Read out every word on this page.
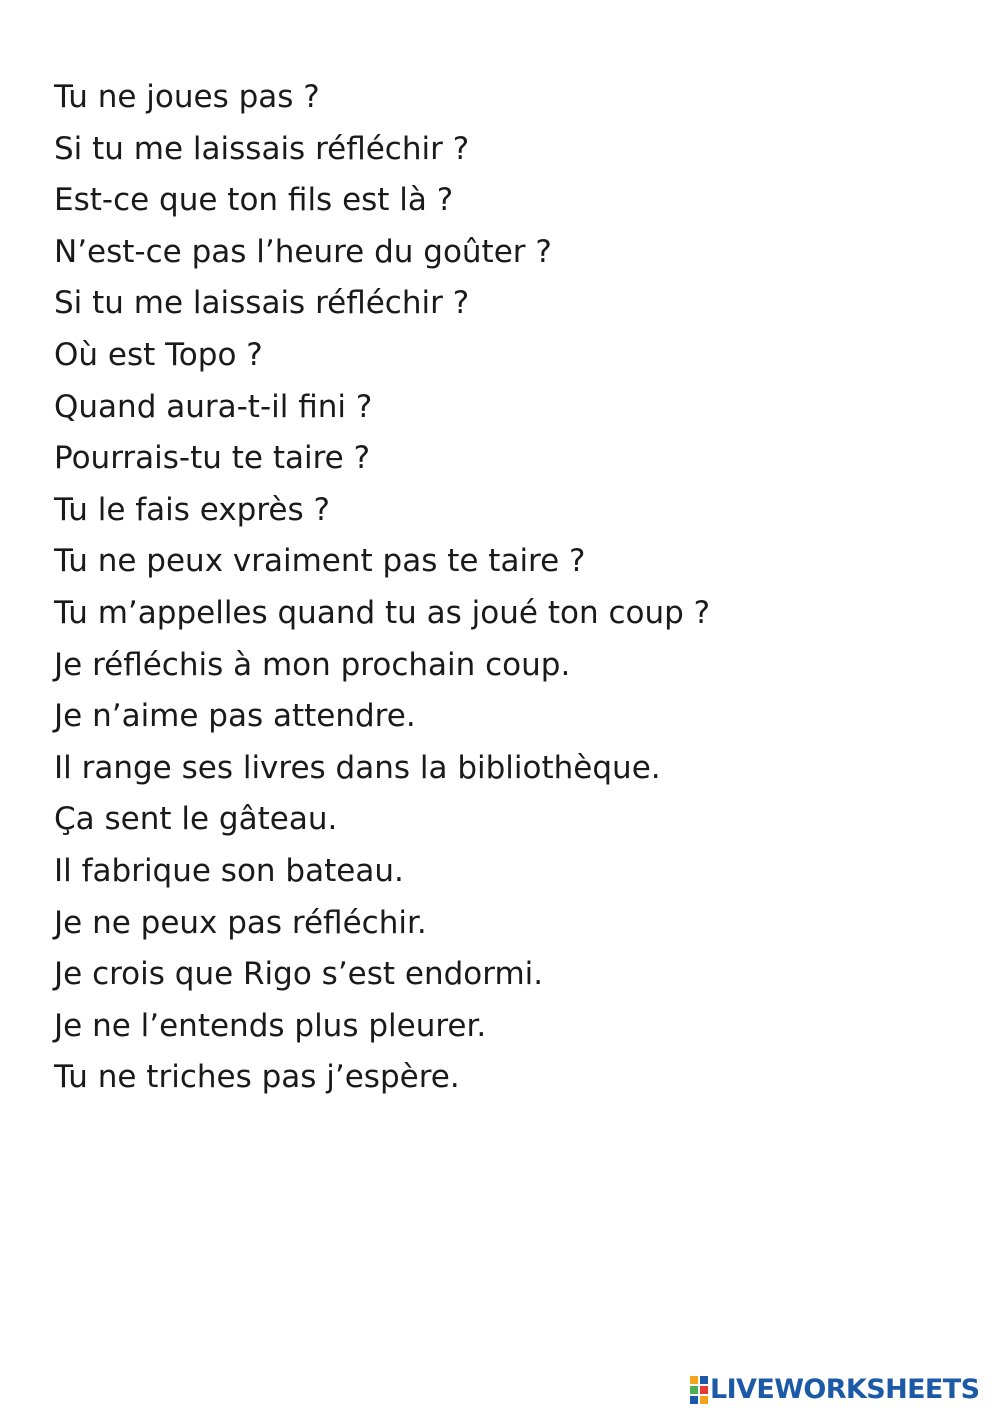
Tu ne joues pas ?
Si tu me laissais réfléchir ?
Est-ce que ton fils est là ?
N’est-ce pas l’heure du goûter ?
Si tu me laissais réfléchir ?
Où est Topo ?
Quand aura-t-il fini ?
Pourrais-tu te taire ?
Tu le fais exprès ?
Tu ne peux vraiment pas te taire ?
Tu m’appelles quand tu as joué ton coup ?
Je réfléchis à mon prochain coup.
Je n’aime pas attendre.
Il range ses livres dans la bibliothèque.
Ça sent le gâteau.
Il fabrique son bateau.
Je ne peux pas réfléchir.
Je crois que Rigo s’est endormi.
Je ne l’entends plus pleurer.
Tu ne triches pas j’espère.
LIVEWORKSHEETS
